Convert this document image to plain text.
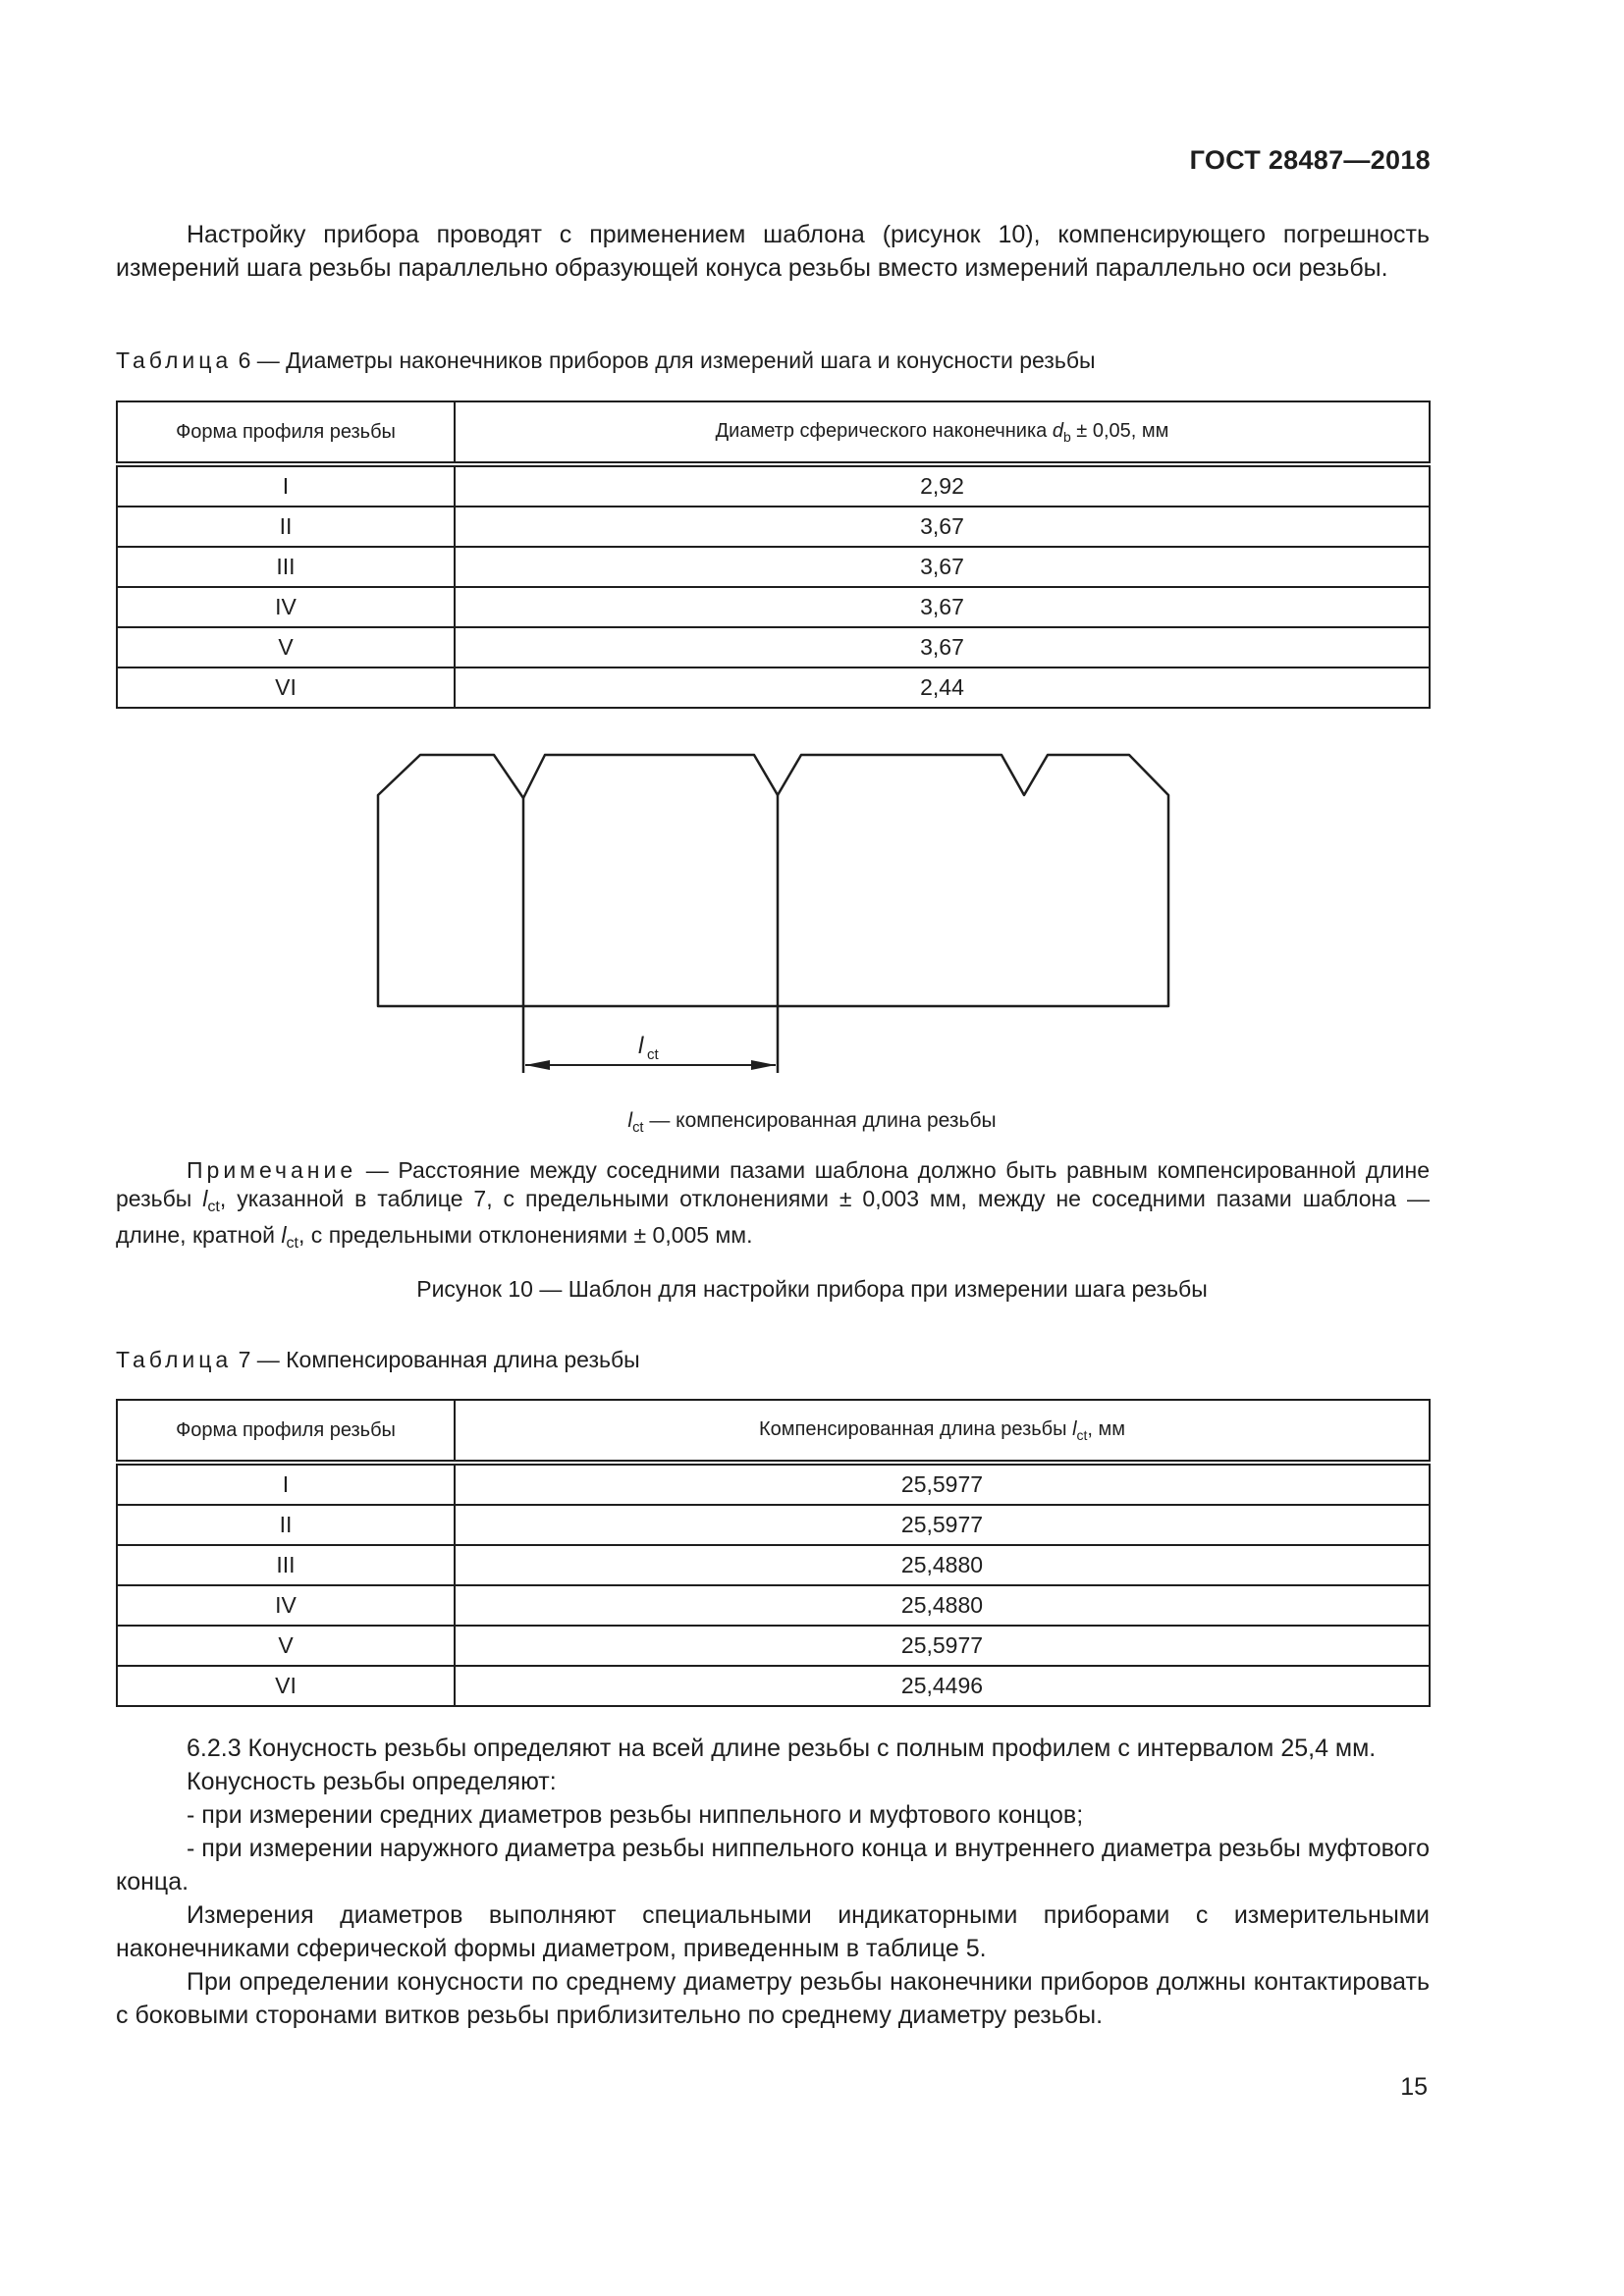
ГОСТ 28487—2018

Настройку прибора проводят с применением шаблона (рисунок 10), компенсирующего погрешность измерений шага резьбы параллельно образующей конуса резьбы вместо измерений параллельно оси резьбы.

Таблица 6 — Диаметры наконечников приборов для измерений шага и конусности резьбы
Форма профиля резьбы	Диаметр сферического наконечника $d_b \pm 0,05$, мм
I	2,92
II	3,67
III	3,67
IV	3,67
V	3,67
VI	2,44
l ct
$l_{ct}$ — компенсированная длина резьбы

Примечание — Расстояние между соседними пазами шаблона должно быть равным компенсированной длине резьбы $l_{ct}$, указанной в таблице 7, с предельными отклонениями ± 0,003 мм, между не соседними пазами шаблона — длине, кратной $l_{ct}$, с предельными отклонениями ± 0,005 мм.

Рисунок 10 — Шаблон для настройки прибора при измерении шага резьбы
Таблица 7 — Компенсированная длина резьбы
Форма профиля резьбы	Компенсированная длина резьбы $l_{ct}$, мм
I	25,5977
II	25,5977
III	25,4880
IV	25,4880
V	25,5977
VI	25,4496

6.2.3 Конусность резьбы определяют на всей длине резьбы с полным профилем с интервалом 25,4 мм.

Конусность резьбы определяют:

- при измерении средних диаметров резьбы ниппельного и муфтового концов;

- при измерении наружного диаметра резьбы ниппельного конца и внутреннего диаметра резьбы муфтового конца.

Измерения диаметров выполняют специальными индикаторными приборами с измерительными наконечниками сферической формы диаметром, приведенным в таблице 5.

При определении конусности по среднему диаметру резьбы наконечники приборов должны контактировать с боковыми сторонами витков резьбы приблизительно по среднему диаметру резьбы.

15
